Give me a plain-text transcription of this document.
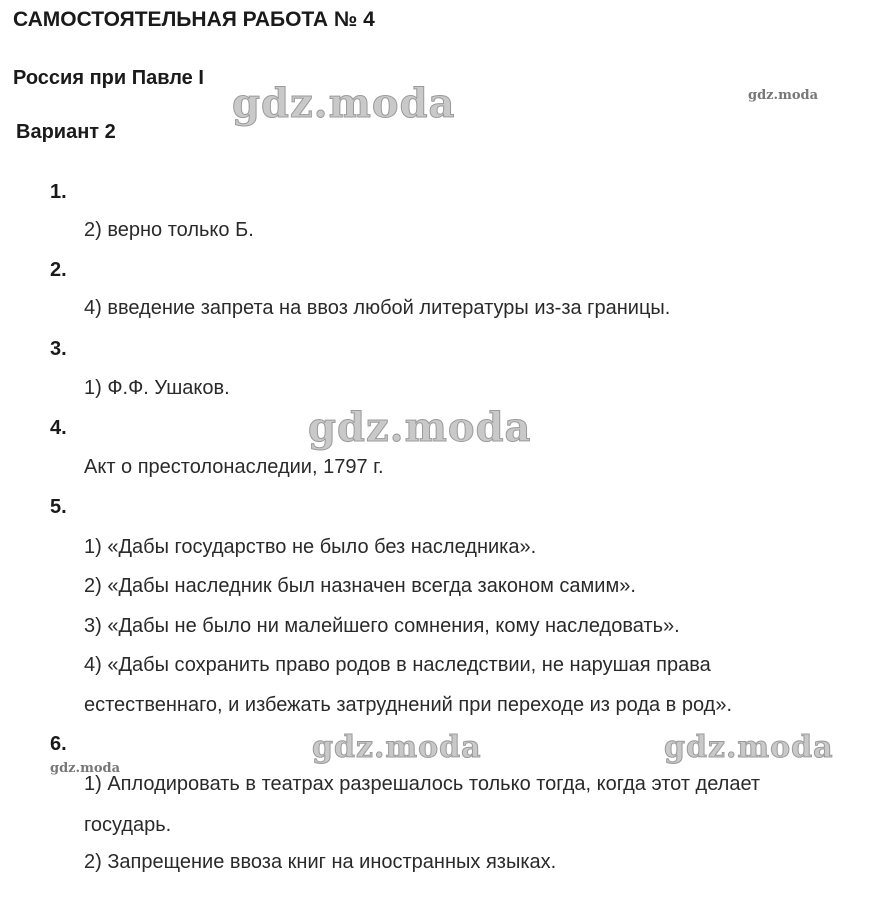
САМОСТОЯТЕЛЬНАЯ РАБОТА № 4
Россия при Павле I
Вариант 2
1.
2) верно только Б.
2.
4) введение запрета на ввоз любой литературы из-за границы.
3.
1) Ф.Ф. Ушаков.
4.
Акт о престолонаследии, 1797 г.
5.
1) «Дабы государство не было без наследника».
2) «Дабы наследник был назначен всегда законом самим».
3) «Дабы не было ни малейшего сомнения, кому наследовать».
4) «Дабы сохранить право родов в наследствии, не нарушая права
естественнаго, и избежать затруднений при переходе из рода в род».
6.
1) Аплодировать в театрах разрешалось только тогда, когда этот делает
государь.
2) Запрещение ввоза книг на иностранных языках.
gdz.moda	gdz.moda
gdz.moda
gdz.moda	gdz.moda
gdz.moda
